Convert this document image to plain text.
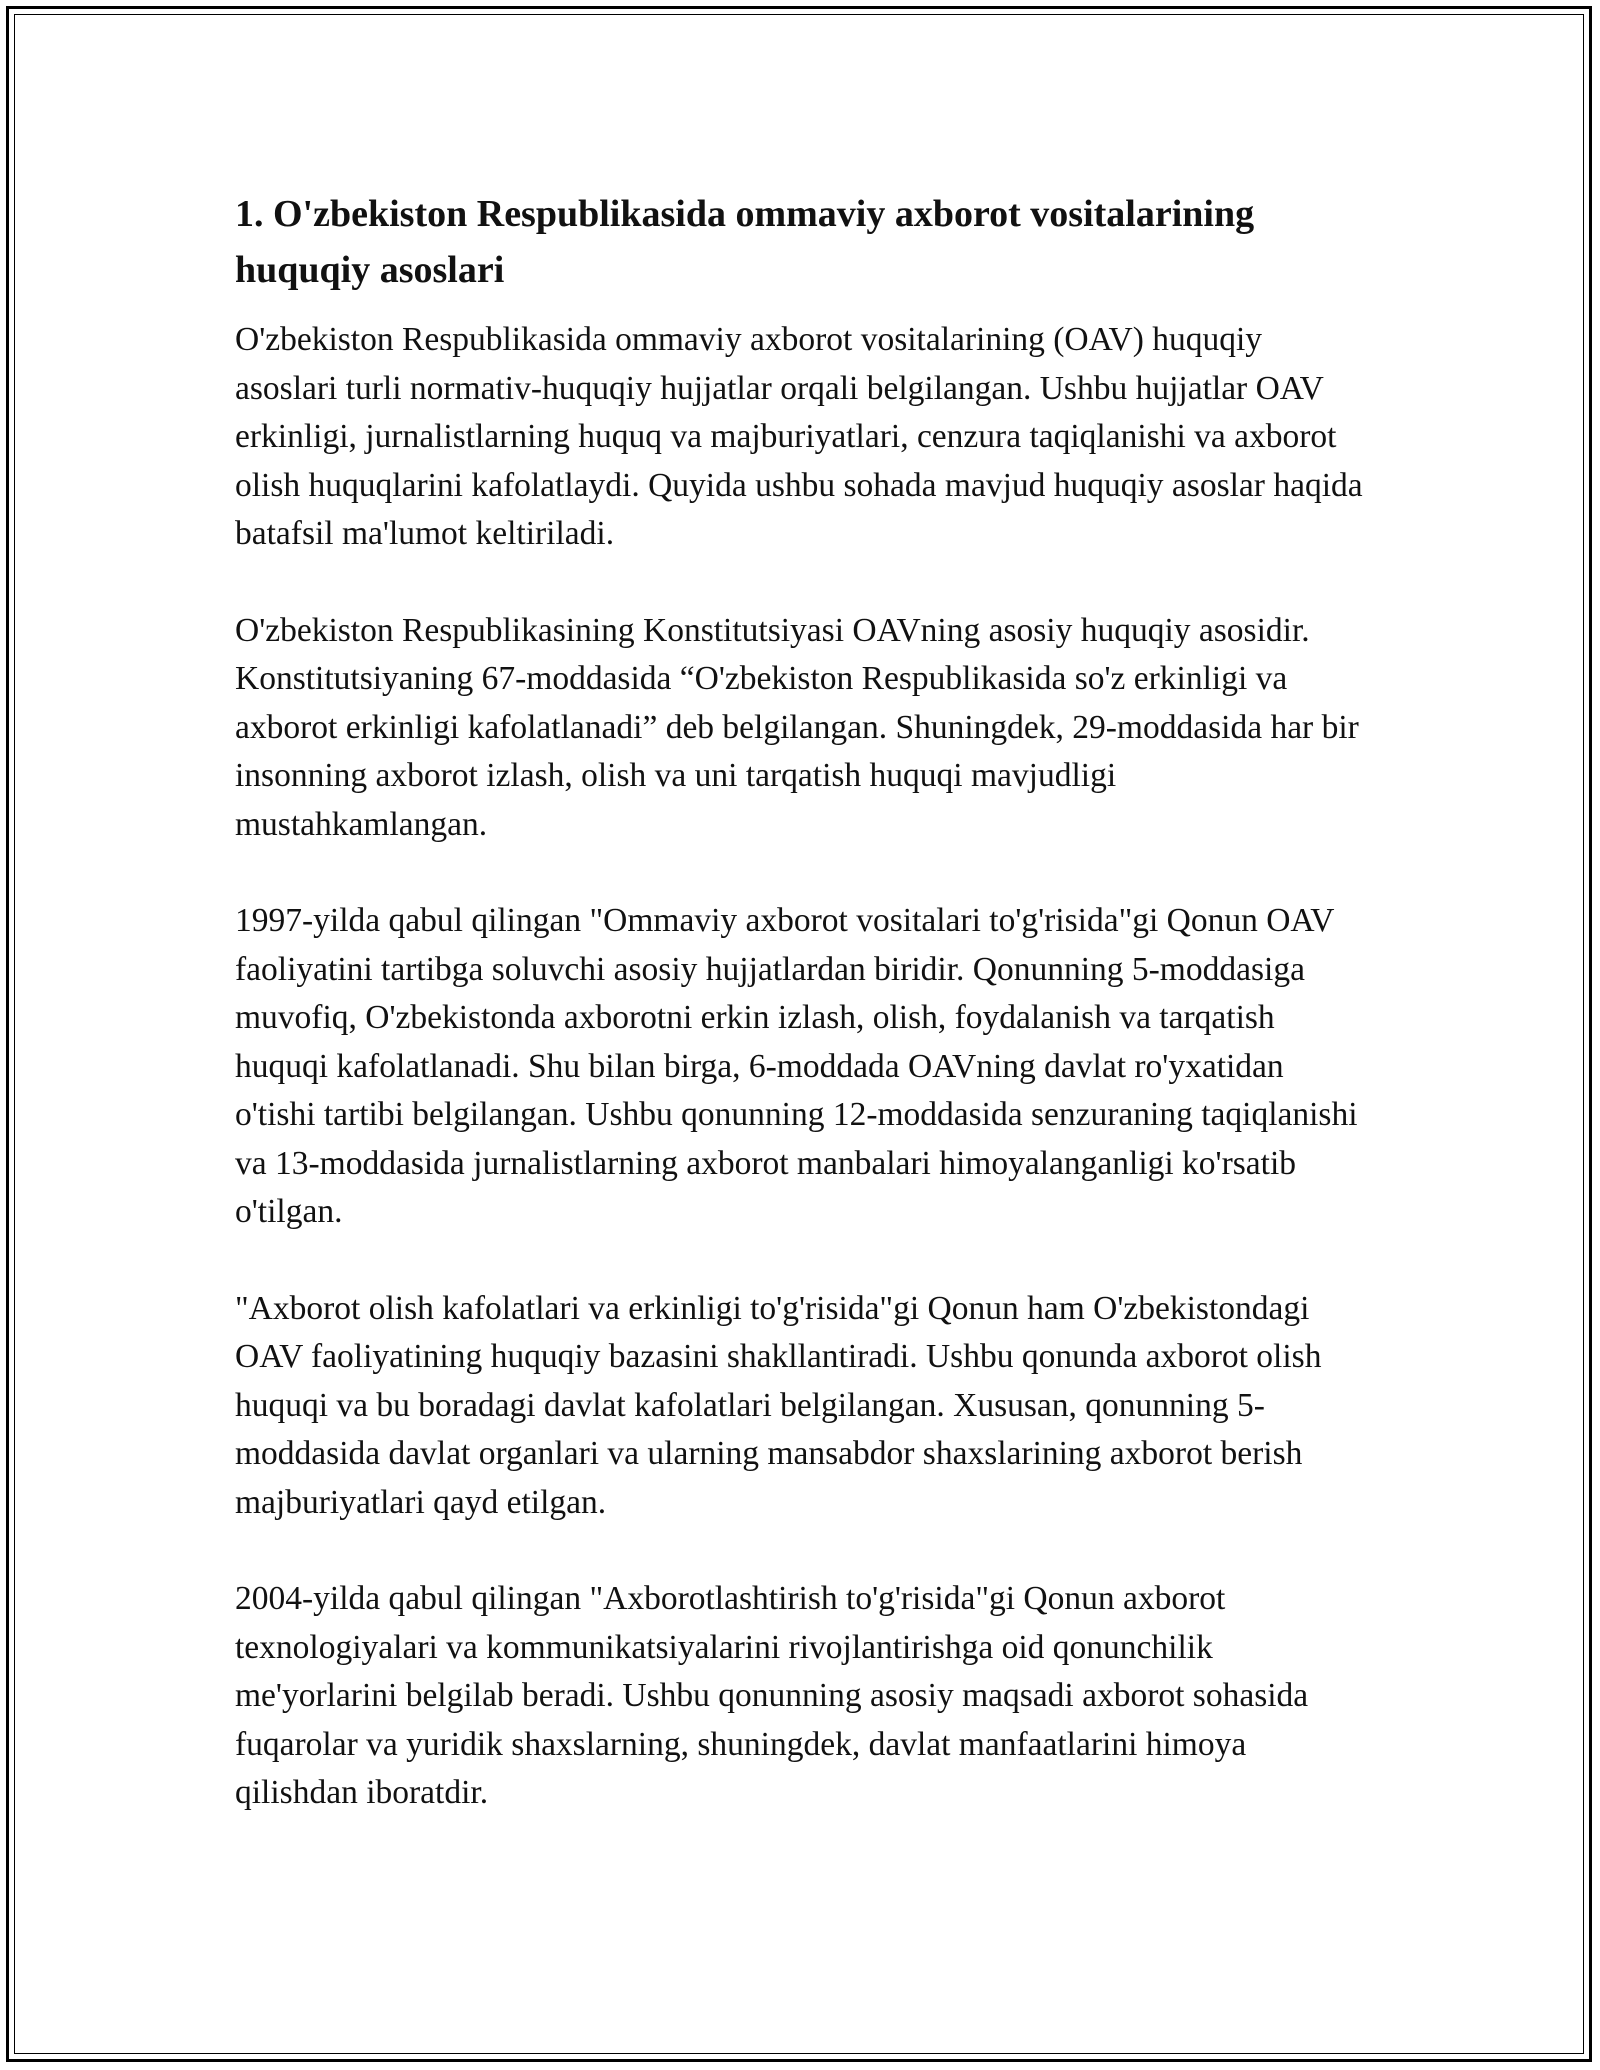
1. O'zbekiston Respublikasida ommaviy axborot vositalarining huquqiy asoslari

O'zbekiston Respublikasida ommaviy axborot vositalarining (OAV) huquqiy asoslari turli normativ-huquqiy hujjatlar orqali belgilangan. Ushbu hujjatlar OAV erkinligi, jurnalistlarning huquq va majburiyatlari, cenzura taqiqlanishi va axborot olish huquqlarini kafolatlaydi. Quyida ushbu sohada mavjud huquqiy asoslar haqida batafsil ma'lumot keltiriladi.

O'zbekiston Respublikasining Konstitutsiyasi OAVning asosiy huquqiy asosidir. Konstitutsiyaning 67-moddasida “O'zbekiston Respublikasida so'z erkinligi va axborot erkinligi kafolatlanadi” deb belgilangan. Shuningdek, 29-moddasida har bir insonning axborot izlash, olish va uni tarqatish huquqi mavjudligi mustahkamlangan.

1997-yilda qabul qilingan "Ommaviy axborot vositalari to'g'risida"gi Qonun OAV faoliyatini tartibga soluvchi asosiy hujjatlardan biridir. Qonunning 5-moddasiga muvofiq, O'zbekistonda axborotni erkin izlash, olish, foydalanish va tarqatish huquqi kafolatlanadi. Shu bilan birga, 6-moddada OAVning davlat ro'yxatidan o'tishi tartibi belgilangan. Ushbu qonunning 12-moddasida senzuraning taqiqlanishi va 13-moddasida jurnalistlarning axborot manbalari himoyalanganligi ko'rsatib o'tilgan.

"Axborot olish kafolatlari va erkinligi to'g'risida"gi Qonun ham O'zbekistondagi OAV faoliyatining huquqiy bazasini shakllantiradi. Ushbu qonunda axborot olish huquqi va bu boradagi davlat kafolatlari belgilangan. Xususan, qonunning 5-moddasida davlat organlari va ularning mansabdor shaxslarining axborot berish majburiyatlari qayd etilgan.

2004-yilda qabul qilingan "Axborotlashtirish to'g'risida"gi Qonun axborot texnologiyalari va kommunikatsiyalarini rivojlantirishga oid qonunchilik me'yorlarini belgilab beradi. Ushbu qonunning asosiy maqsadi axborot sohasida fuqarolar va yuridik shaxslarning, shuningdek, davlat manfaatlarini himoya qilishdan iboratdir.
